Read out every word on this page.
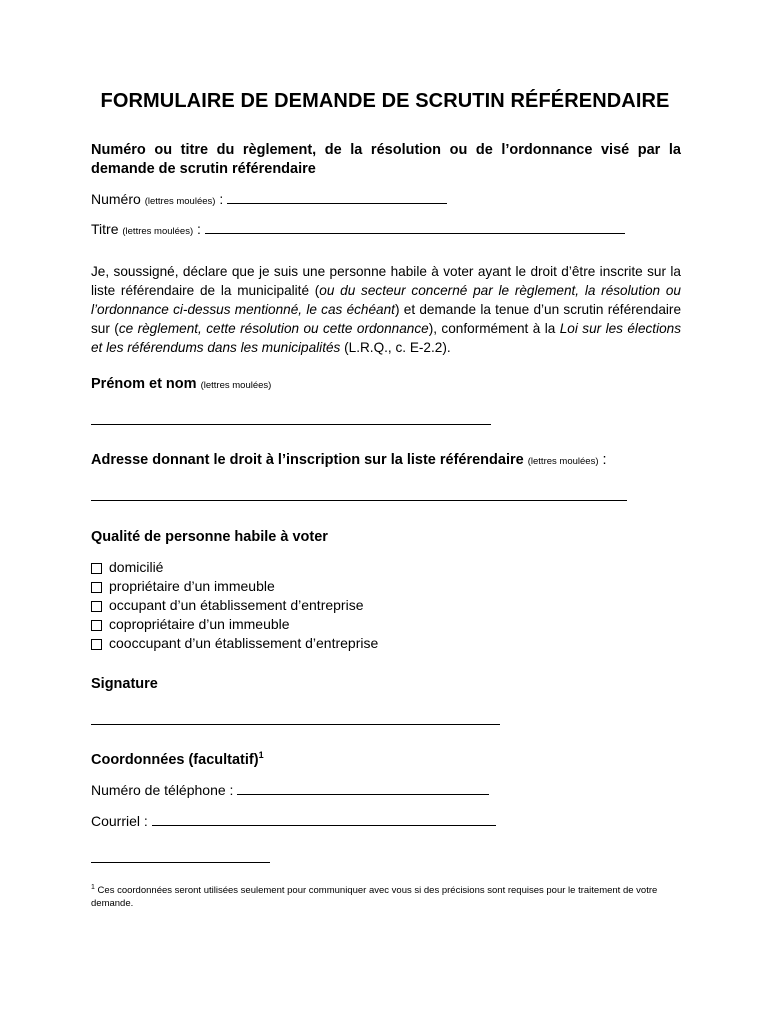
FORMULAIRE DE DEMANDE DE SCRUTIN RÉFÉRENDAIRE
Numéro ou titre du règlement, de la résolution ou de l’ordonnance visé par la
demande de scrutin référendaire
Numéro (lettres moulées) :
Titre (lettres moulées) :
Je, soussigné, déclare que je suis une personne habile à voter ayant le droit d’être inscrite sur la liste référendaire de la municipalité (ou du secteur concerné par le règlement, la résolution ou l’ordonnance ci-dessus mentionné, le cas échéant) et demande la tenue d’un scrutin référendaire sur (ce règlement, cette résolution ou cette ordonnance), conformément à la Loi sur les élections et les référendums dans les municipalités (L.R.Q., c. E-2.2).
Prénom et nom (lettres moulées)
Adresse donnant le droit à l’inscription sur la liste référendaire (lettres moulées) :
Qualité de personne habile à voter
domicilié
propriétaire d’un immeuble
occupant d’un établissement d’entreprise
copropriétaire d’un immeuble
cooccupant d’un établissement d’entreprise
Signature
Coordonnées (facultatif)$^1$
Numéro de téléphone :
Courriel :
$^1$ Ces coordonnées seront utilisées seulement pour communiquer avec vous si des précisions sont requises pour le traitement de votre demande.
